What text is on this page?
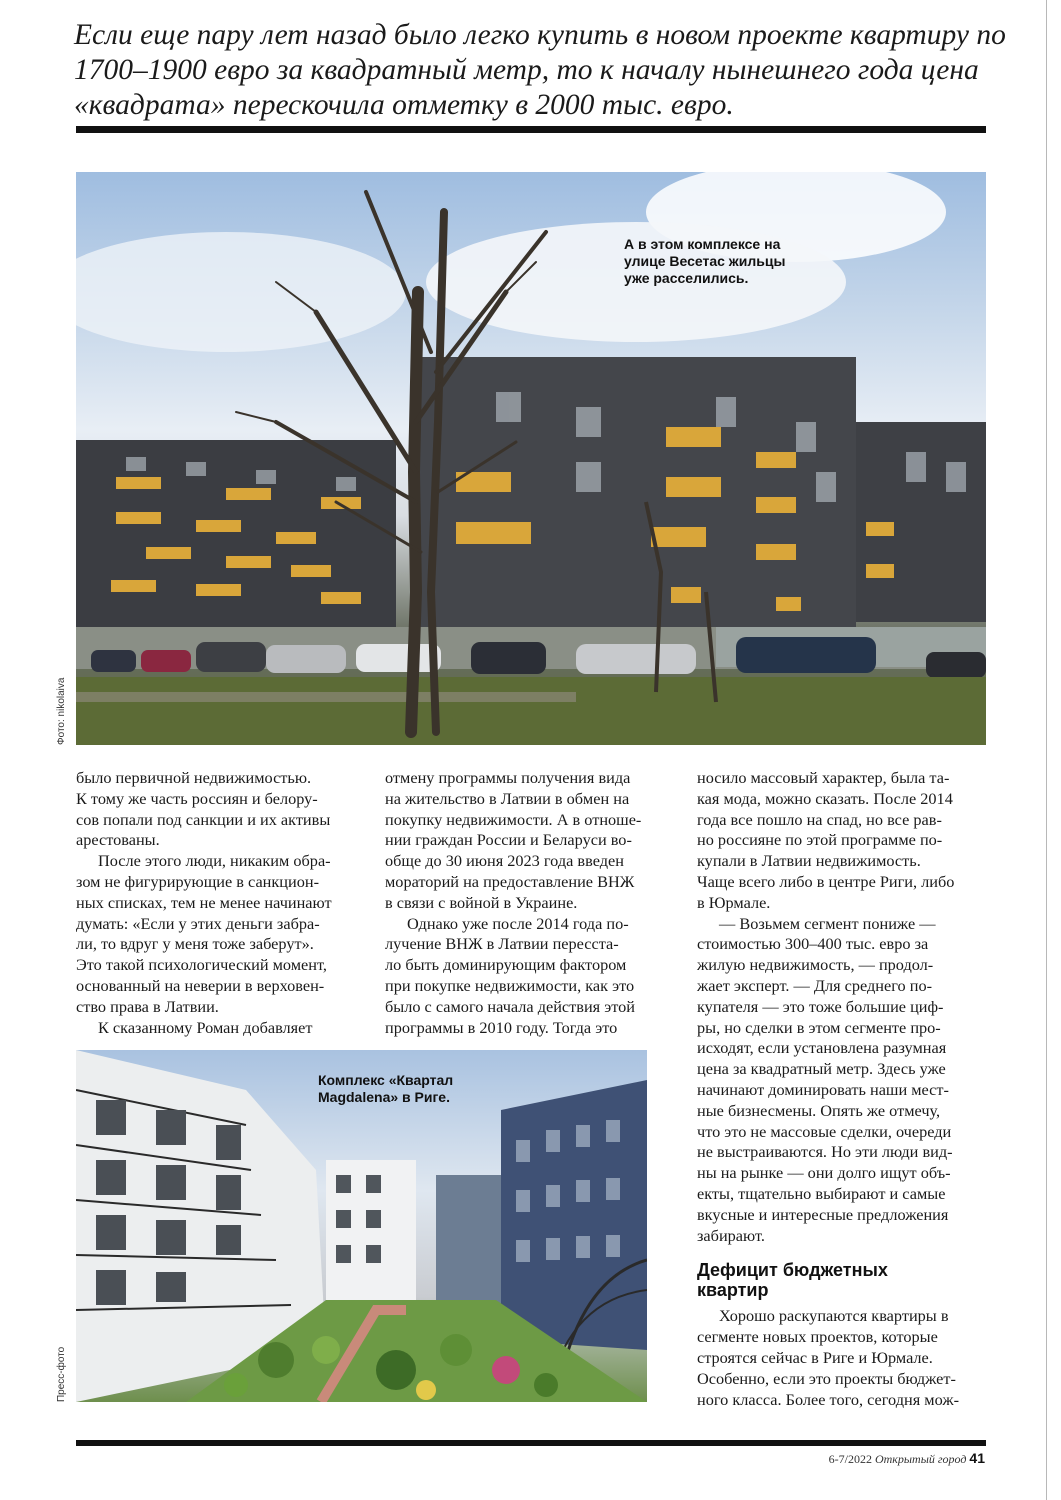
Если еще пару лет назад было легко купить в новом проекте квартиру по
1700–1900 евро за квадратный метр, то к началу нынешнего года цена
«квадрата» перескочила отметку в 2000 тыс. евро.
А в этом комплексе на
улице Весетас жильцы
уже расселились.
Фото: nikolaiva
было первичной недвижимостью.
К тому же часть россиян и белору-
сов попали под санкции и их активы
арестованы.
После этого люди, никаким обра-
зом не фигурирующие в санкцион-
ных списках, тем не менее начинают
думать: «Если у этих деньги забра-
ли, то вдруг у меня тоже заберут».
Это такой психологический момент,
основанный на неверии в верховен-
ство права в Латвии.
К сказанному Роман добавляет
отмену программы получения вида
на жительство в Латвии в обмен на
покупку недвижимости. А в отноше-
нии граждан России и Беларуси во-
обще до 30 июня 2023 года введен
мораторий на предоставление ВНЖ
в связи с войной в Украине.
Однако уже после 2014 года по-
лучение ВНЖ в Латвии пересста-
ло быть доминирующим фактором
при покупке недвижимости, как это
было с самого начала действия этой
программы в 2010 году. Тогда это
носило массовый характер, была та-
кая мода, можно сказать. После 2014
года все пошло на спад, но все рав-
но россияне по этой программе по-
купали в Латвии недвижимость.
Чаще всего либо в центре Риги, либо
в Юрмале.
— Возьмем сегмент пониже —
стоимостью 300–400 тыс. евро за
жилую недвижимость, — продол-
жает эксперт. — Для среднего по-
купателя — это тоже большие циф-
ры, но сделки в этом сегменте про-
исходят, если установлена разумная
цена за квадратный метр. Здесь уже
начинают доминировать наши мест-
ные бизнесмены. Опять же отмечу,
что это не массовые сделки, очереди
не выстраиваются. Но эти люди вид-
ны на рынке — они долго ищут объ-
екты, тщательно выбирают и самые
вкусные и интересные предложения
забирают.
Дефицит бюджетных
квартир
Хорошо раскупаются квартиры в
сегменте новых проектов, которые
строятся сейчас в Риге и Юрмале.
Особенно, если это проекты бюджет-
ного класса. Более того, сегодня мож-
Комплекс «Квартал
Magdalena» в Риге.
Пресс-фото
6-7/2022 Открытый город 41
